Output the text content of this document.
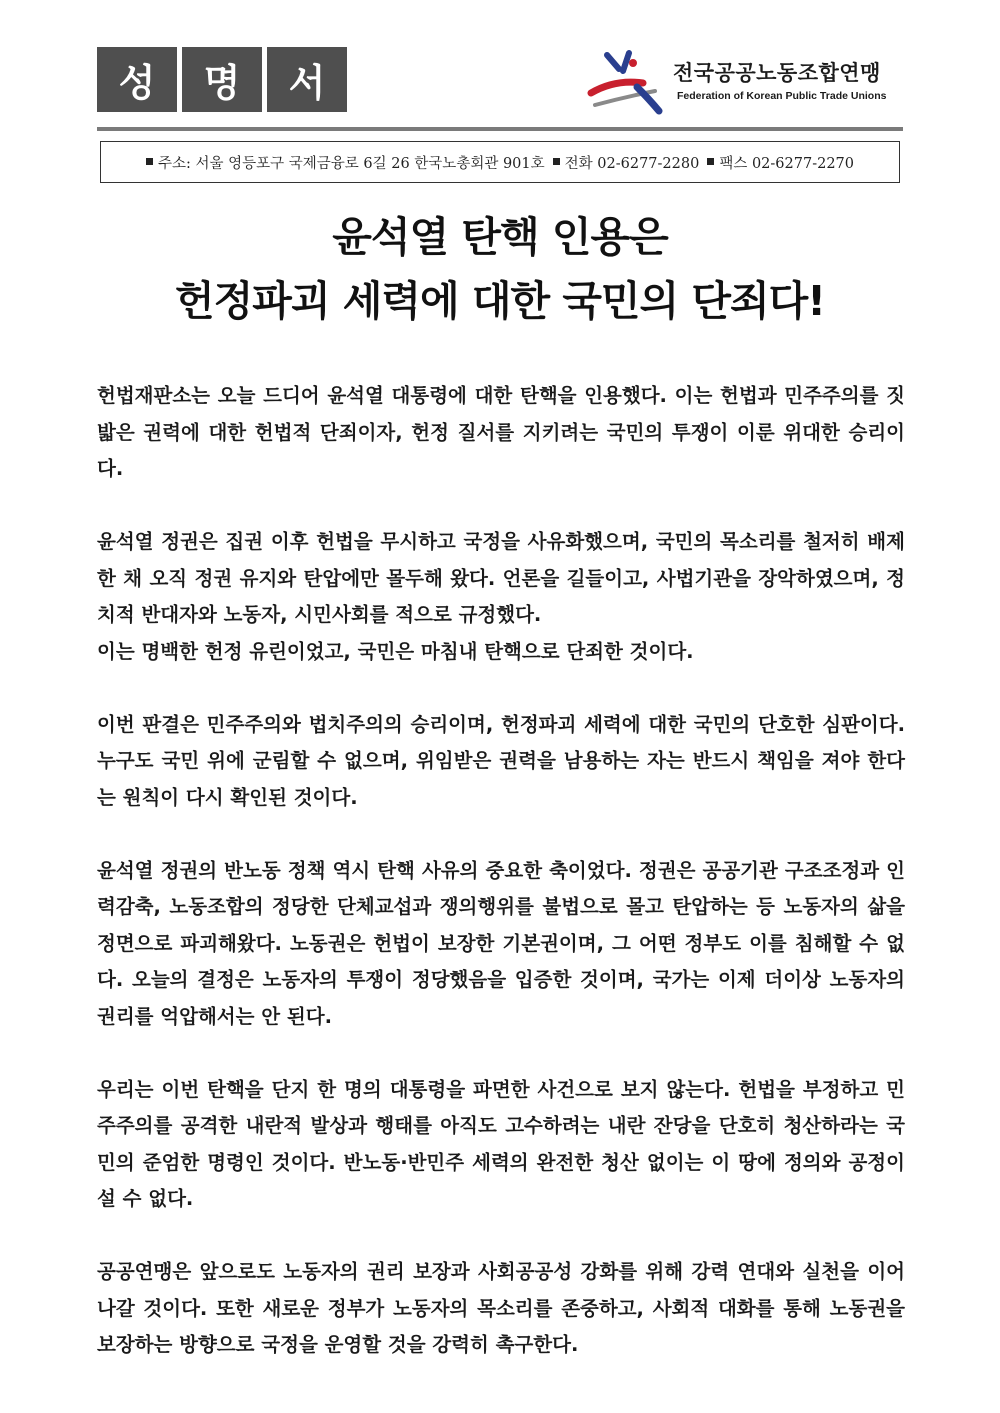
성	명	서	전국공공노동조합연맹
Federation of Korean Public Trade Unions
주소: 서울 영등포구 국제금융로 6길 26 한국노총회관 901호	전화 02-6277-2280	팩스 02-6277-2270
윤석열 탄핵 인용은
헌정파괴 세력에 대한 국민의 단죄다!

헌법재판소는 오늘 드디어 윤석열 대통령에 대한 탄핵을 인용했다. 이는 헌법과 민주주의를 짓밟은 권력에 대한 헌법적 단죄이자, 헌정 질서를 지키려는 국민의 투쟁이 이룬 위대한 승리이다.

윤석열 정권은 집권 이후 헌법을 무시하고 국정을 사유화했으며, 국민의 목소리를 철저히 배제한 채 오직 정권 유지와 탄압에만 몰두해 왔다. 언론을 길들이고, 사법기관을 장악하였으며, 정치적 반대자와 노동자, 시민사회를 적으로 규정했다.

이는 명백한 헌정 유린이었고, 국민은 마침내 탄핵으로 단죄한 것이다.

이번 판결은 민주주의와 법치주의의 승리이며, 헌정파괴 세력에 대한 국민의 단호한 심판이다. 누구도 국민 위에 군림할 수 없으며, 위임받은 권력을 남용하는 자는 반드시 책임을 져야 한다는 원칙이 다시 확인된 것이다.

윤석열 정권의 반노동 정책 역시 탄핵 사유의 중요한 축이었다. 정권은 공공기관 구조조정과 인력감축, 노동조합의 정당한 단체교섭과 쟁의행위를 불법으로 몰고 탄압하는 등 노동자의 삶을 정면으로 파괴해왔다. 노동권은 헌법이 보장한 기본권이며, 그 어떤 정부도 이를 침해할 수 없다. 오늘의 결정은 노동자의 투쟁이 정당했음을 입증한 것이며, 국가는 이제 더이상 노동자의 권리를 억압해서는 안 된다.

우리는 이번 탄핵을 단지 한 명의 대통령을 파면한 사건으로 보지 않는다. 헌법을 부정하고 민주주의를 공격한 내란적 발상과 행태를 아직도 고수하려는 내란 잔당을 단호히 청산하라는 국민의 준엄한 명령인 것이다. 반노동·반민주 세력의 완전한 청산 없이는 이 땅에 정의와 공정이 설 수 없다.

공공연맹은 앞으로도 노동자의 권리 보장과 사회공공성 강화를 위해 강력 연대와 실천을 이어나갈 것이다. 또한 새로운 정부가 노동자의 목소리를 존중하고, 사회적 대화를 통해 노동권을 보장하는 방향으로 국정을 운영할 것을 강력히 촉구한다.
